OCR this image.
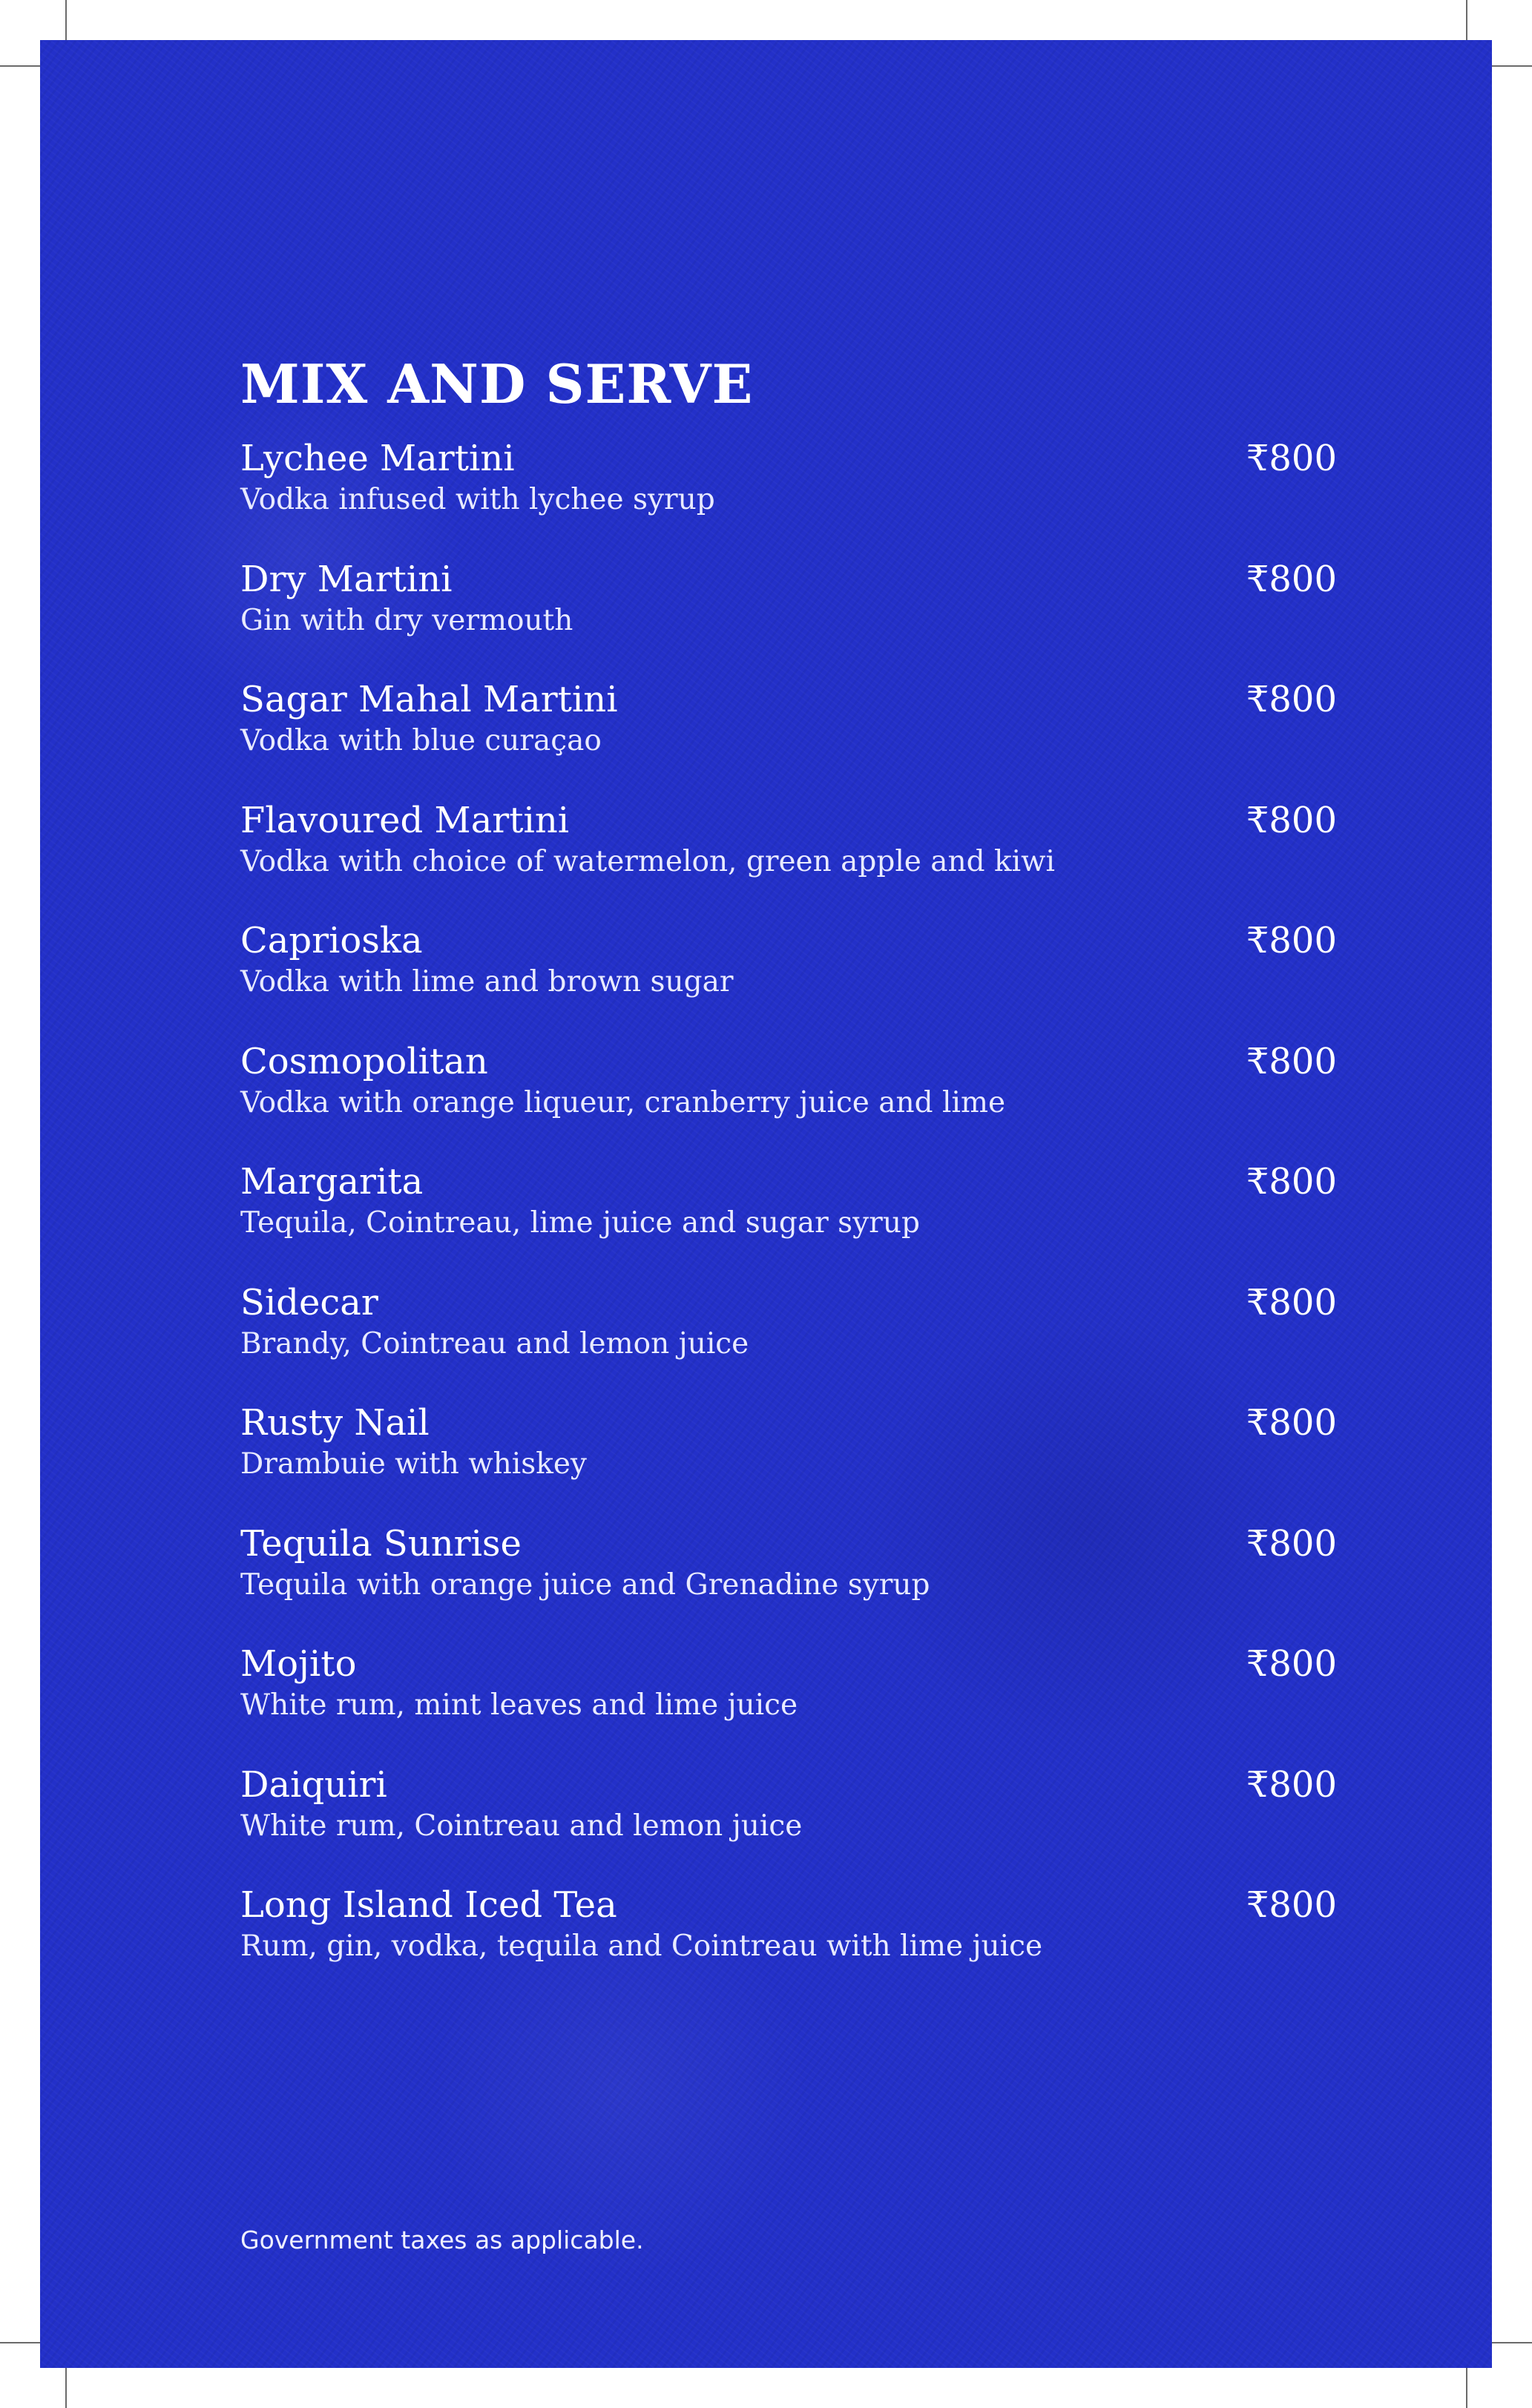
MIX AND SERVE
Lychee Martini
Vodka infused with lychee syrup
₹800
Dry Martini
Gin with dry vermouth
₹800
Sagar Mahal Martini
Vodka with blue curaçao
₹800
Flavoured Martini
Vodka with choice of watermelon, green apple and kiwi
₹800
Caprioska
Vodka with lime and brown sugar
₹800
Cosmopolitan
Vodka with orange liqueur, cranberry juice and lime
₹800
Margarita
Tequila, Cointreau, lime juice and sugar syrup
₹800
Sidecar
Brandy, Cointreau and lemon juice
₹800
Rusty Nail
Drambuie with whiskey
₹800
Tequila Sunrise
Tequila with orange juice and Grenadine syrup
₹800
Mojito
White rum, mint leaves and lime juice
₹800
Daiquiri
White rum, Cointreau and lemon juice
₹800
Long Island Iced Tea
Rum, gin, vodka, tequila and Cointreau with lime juice
₹800
Government taxes as applicable.
